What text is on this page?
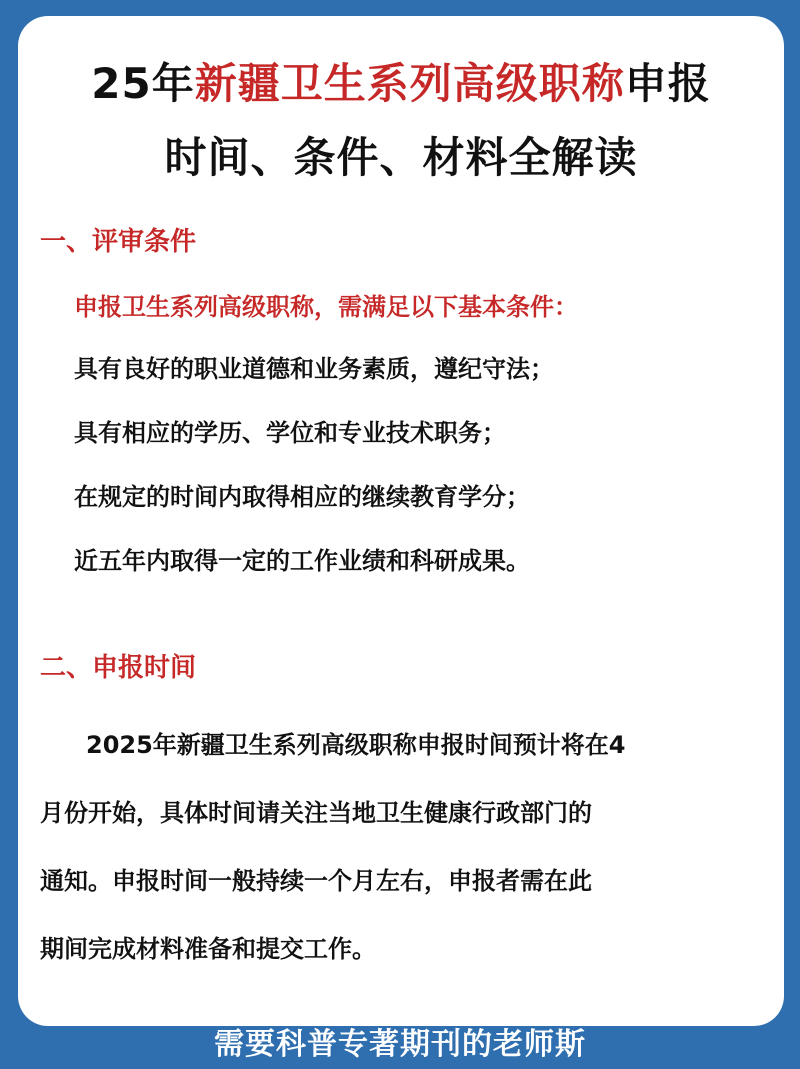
25年新疆卫生系列高级职称申报
时间、条件、材料全解读
一、评审条件
申报卫生系列高级职称，需满足以下基本条件：
具有良好的职业道德和业务素质，遵纪守法；
具有相应的学历、学位和专业技术职务；
在规定的时间内取得相应的继续教育学分；
近五年内取得一定的工作业绩和科研成果。
二、申报时间
2025年新疆卫生系列高级职称申报时间预计将在4
月份开始，具体时间请关注当地卫生健康行政部门的
通知。申报时间一般持续一个月左右，申报者需在此
期间完成材料准备和提交工作。
需要科普专著期刊的老师斯
